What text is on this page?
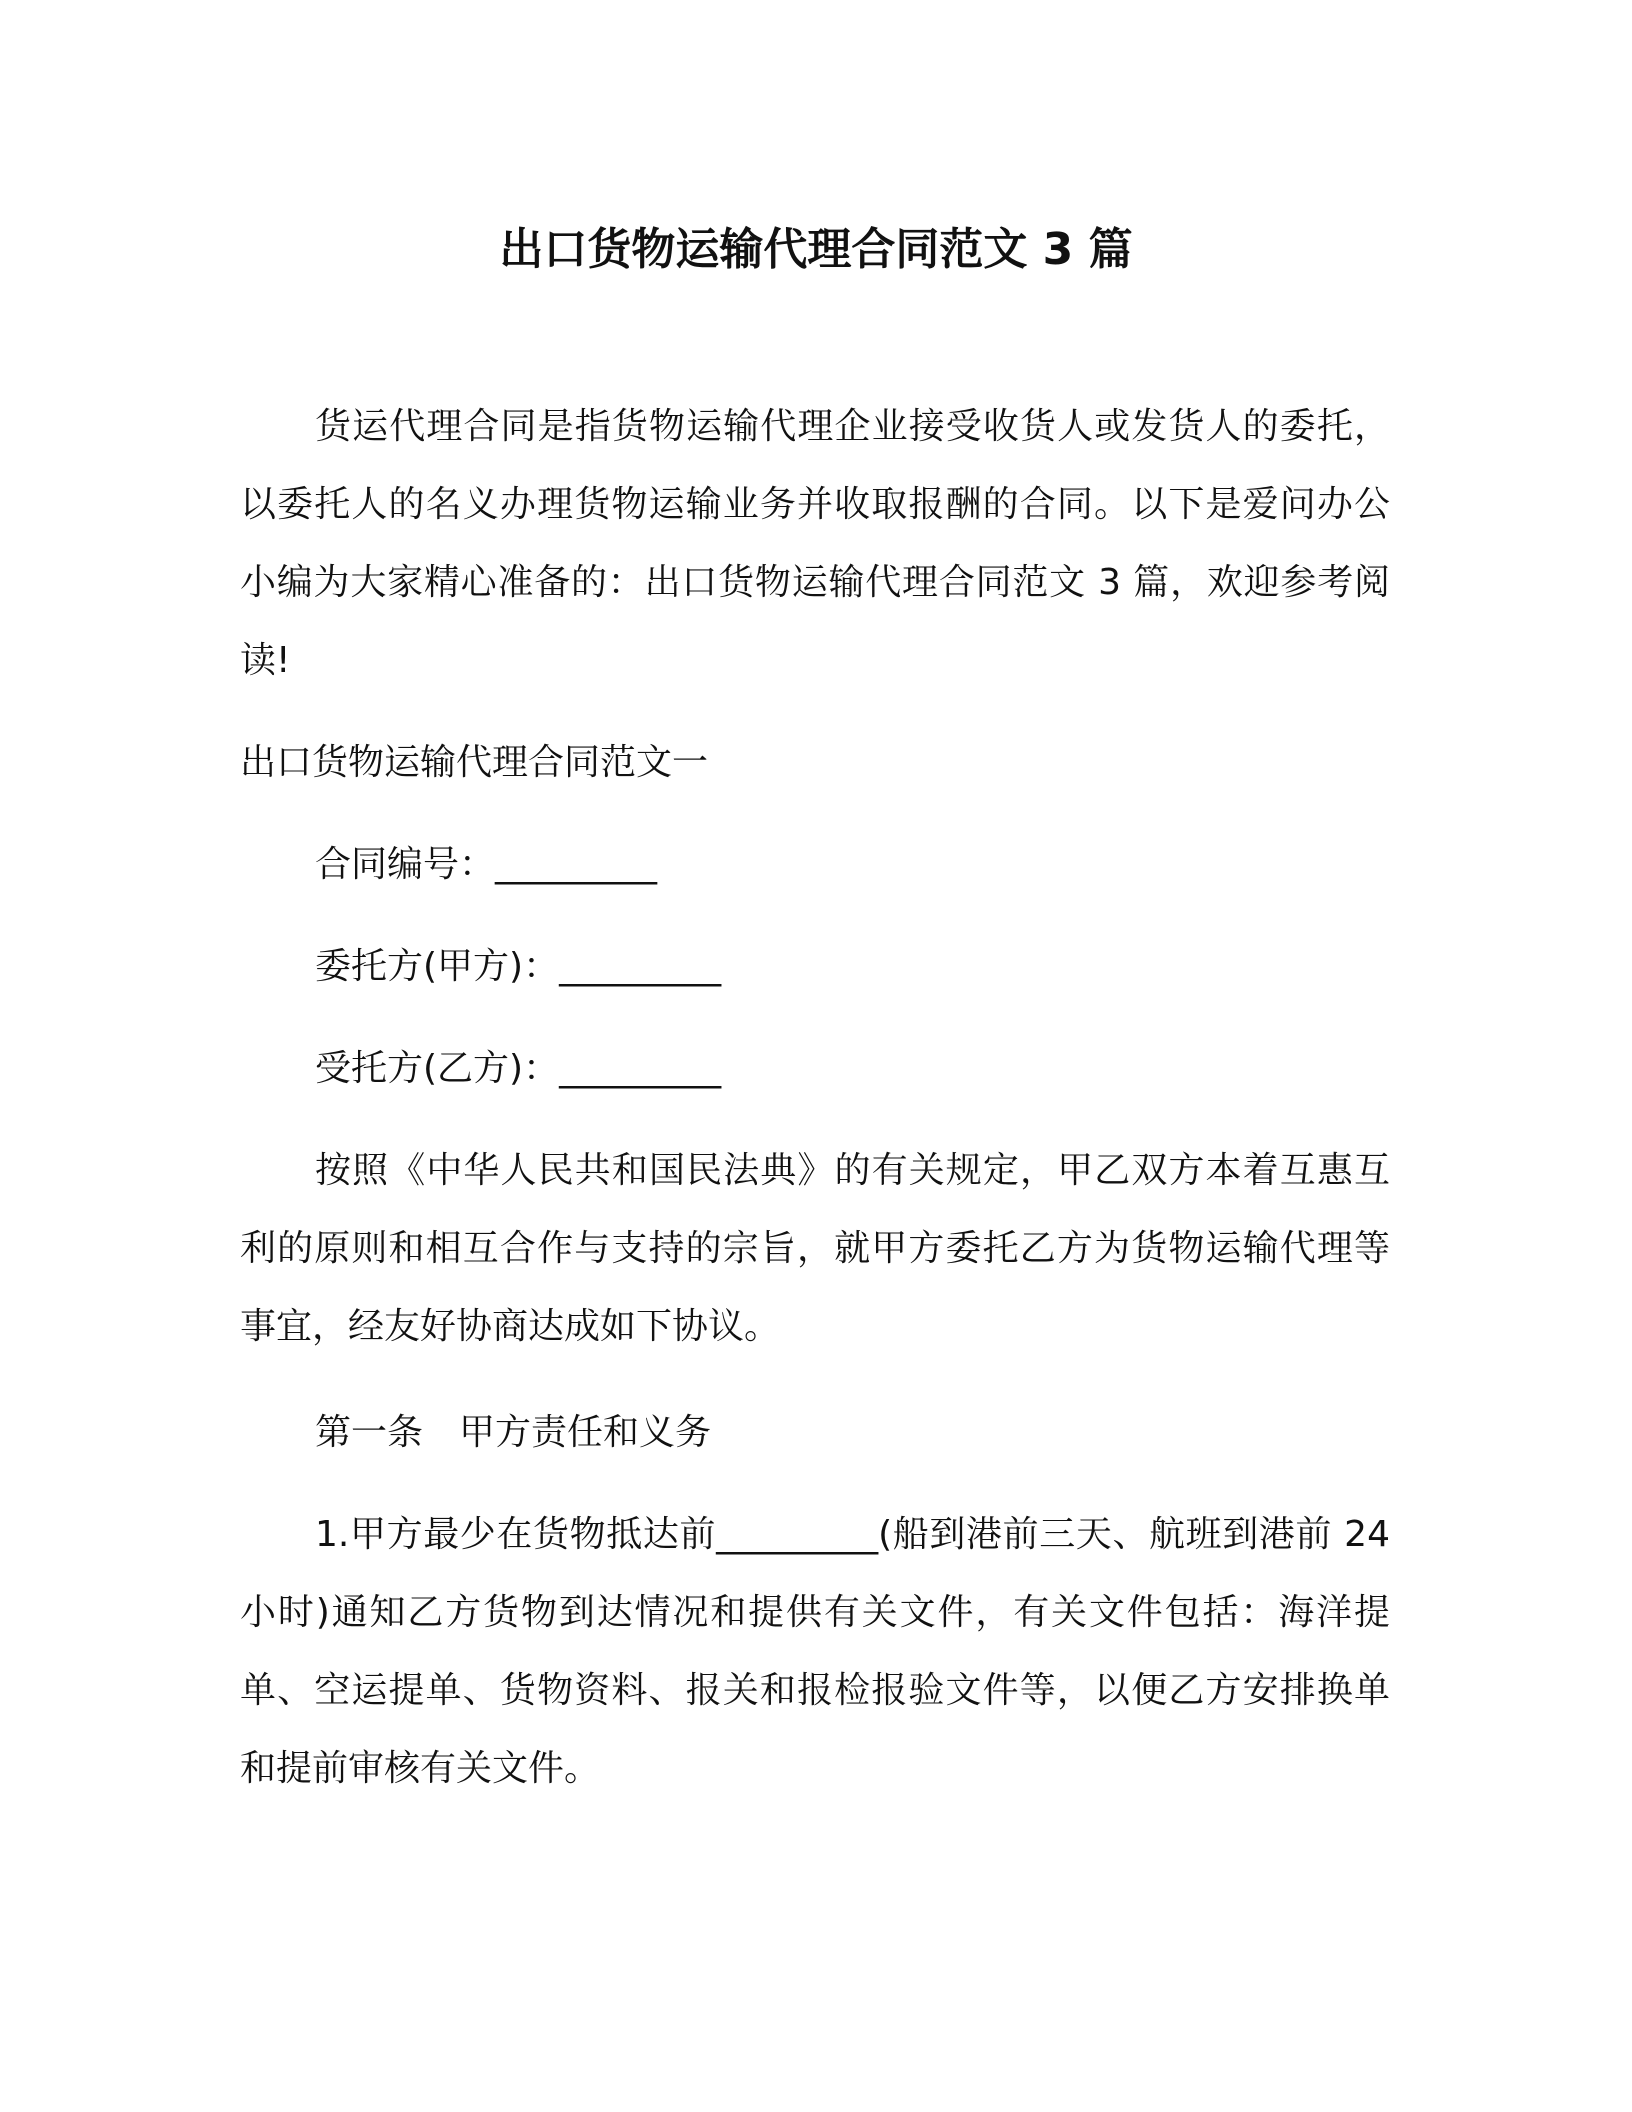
出口货物运输代理合同范文 3 篇

货运代理合同是指货物运输代理企业接受收货人或发货人的委托，以委托人的名义办理货物运输业务并收取报酬的合同。以下是爱问办公小编为大家精心准备的：出口货物运输代理合同范文 3 篇，欢迎参考阅读!

出口货物运输代理合同范文一

合同编号：_________

委托方(甲方)：_________

受托方(乙方)：_________

按照《中华人民共和国民法典》的有关规定，甲乙双方本着互惠互利的原则和相互合作与支持的宗旨，就甲方委托乙方为货物运输代理等事宜，经友好协商达成如下协议。

第一条　甲方责任和义务

1.甲方最少在货物抵达前_________(船到港前三天、航班到港前 24 小时)通知乙方货物到达情况和提供有关文件，有关文件包括：海洋提单、空运提单、货物资料、报关和报检报验文件等，以便乙方安排换单和提前审核有关文件。
